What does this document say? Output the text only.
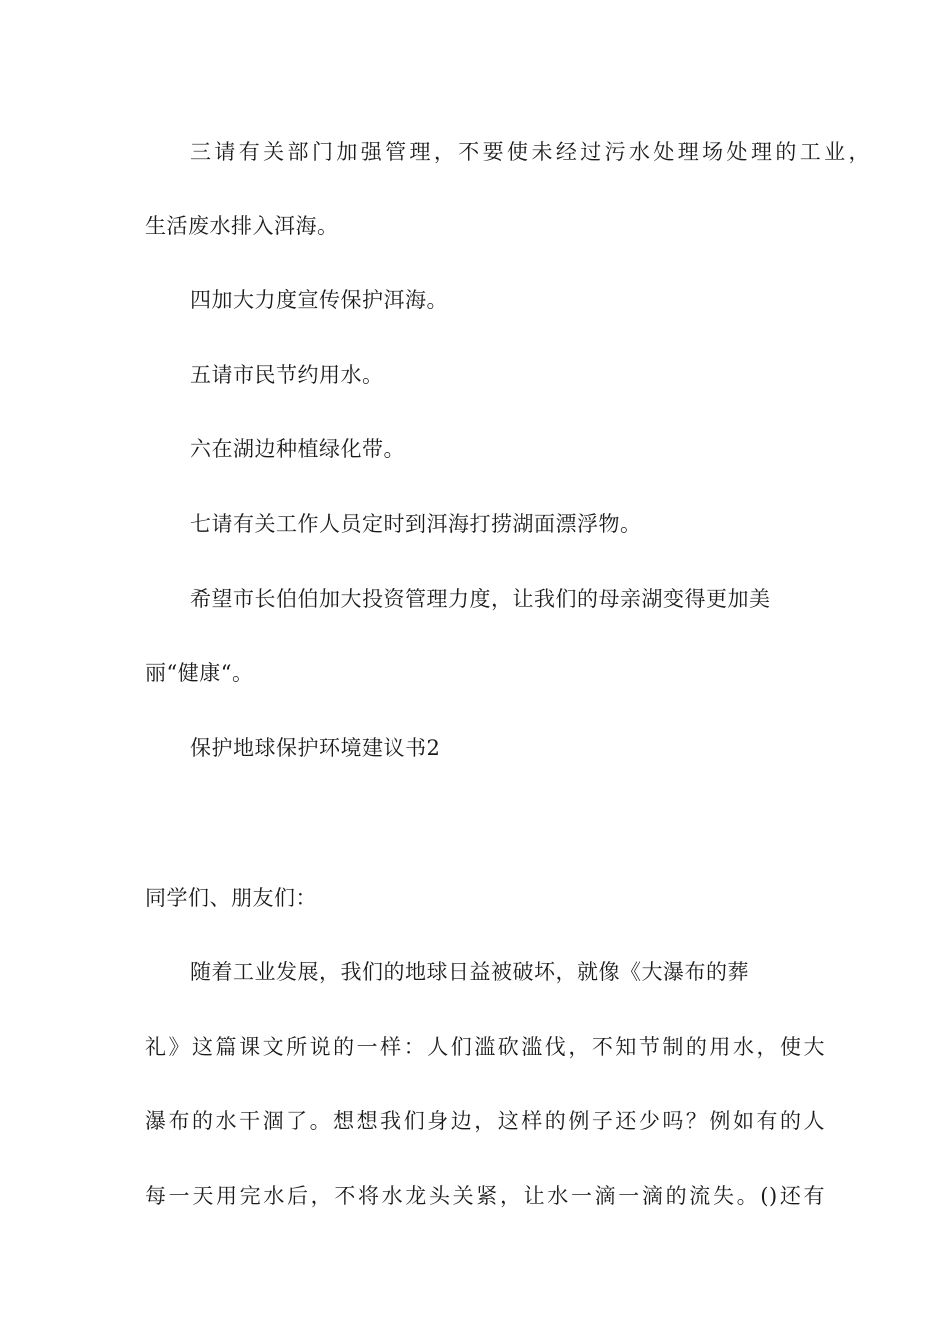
三请有关部门加强管理，不要使未经过污水处理场处理的工业，
生活废水排入洱海。
四加大力度宣传保护洱海。
五请市民节约用水。
六在湖边种植绿化带。
七请有关工作人员定时到洱海打捞湖面漂浮物。
希望市长伯伯加大投资管理力度，让我们的母亲湖变得更加美
丽“健康“。
保护地球保护环境建议书2
同学们、朋友们：
随着工业发展，我们的地球日益被破坏，就像《大瀑布的葬
礼》这篇课文所说的一样：人们滥砍滥伐，不知节制的用水，使大
瀑布的水干涸了。想想我们身边，这样的例子还少吗？例如有的人
每一天用完水后，不将水龙头关紧，让水一滴一滴的流失。()还有
